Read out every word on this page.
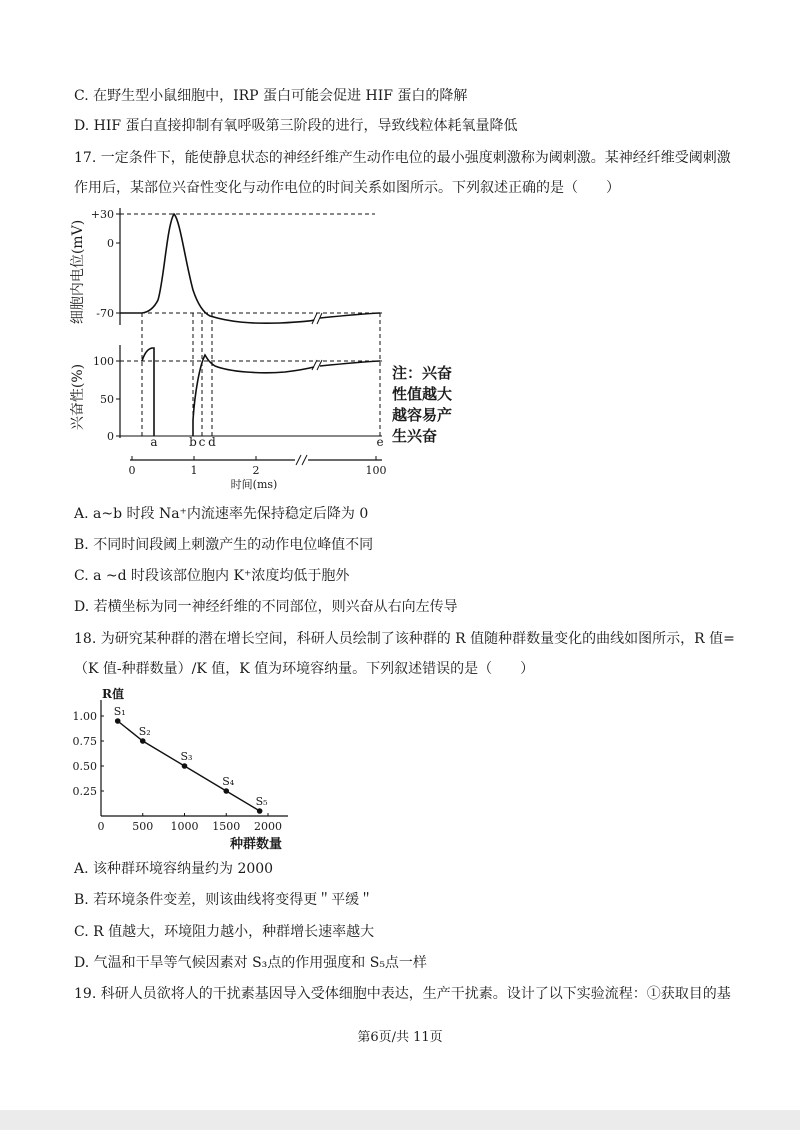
C. 在野生型小鼠细胞中，IRP 蛋白可能会促进 HIF 蛋白的降解
D. HIF 蛋白直接抑制有氧呼吸第三阶段的进行，导致线粒体耗氧量降低
17. 一定条件下，能使静息状态的神经纤维产生动作电位的最小强度刺激称为阈刺激。某神经纤维受阈刺激
作用后，某部位兴奋性变化与动作电位的时间关系如图所示。下列叙述正确的是（　　）
细胞内电位(mV)
兴奋性(%)
+30
0
-70
100
50
0	a	b c d	e
注：兴奋
性值越大
越容易产
生兴奋
0	1	2	100
时间(ms)
A. a~b 时段 Na⁺内流速率先保持稳定后降为 0
B. 不同时间段阈上刺激产生的动作电位峰值不同
C. a ~d 时段该部位胞内 K⁺浓度均低于胞外
D. 若横坐标为同一神经纤维的不同部位，则兴奋从右向左传导
18. 为研究某种群的潜在增长空间，科研人员绘制了该种群的 R 值随种群数量变化的曲线如图所示，R 值=
（K 值-种群数量）/K 值，K 值为环境容纳量。下列叙述错误的是（　　）
R值
种群数量
0	500 1000 1500 2000
1.00
0.75
0.50
0.25
S₁
S₂
S₃
S₄
S₅
A. 该种群环境容纳量约为 2000
B. 若环境条件变差，则该曲线将变得更＂平缓＂
C. R 值越大，环境阻力越小，种群增长速率越大
D. 气温和干旱等气候因素对 S₃点的作用强度和 S₅点一样
19. 科研人员欲将人的干扰素基因导入受体细胞中表达，生产干扰素。设计了以下实验流程：①获取目的基
第6页/共 11页
